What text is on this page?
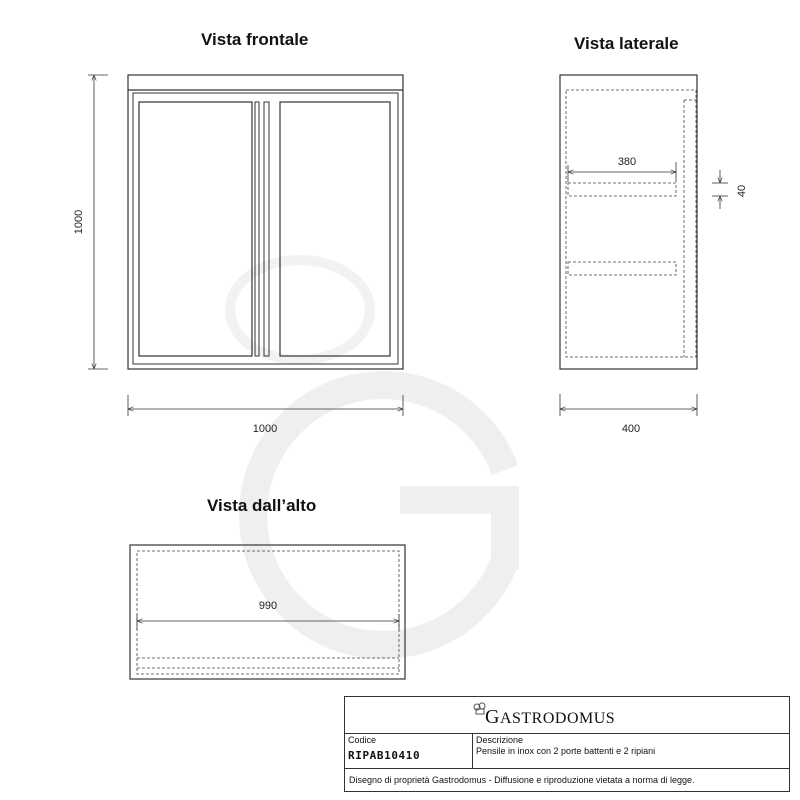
Vista frontale	Vista laterale
Vista dall’alto
1000
1000
380
40
400
990
GASTRODOMUS
Codice
RIPAB10410
Descrizione
Pensile in inox con 2 porte battenti e 2 ripiani
Disegno di proprietà Gastrodomus - Diffusione e riproduzione vietata a norma di legge.
